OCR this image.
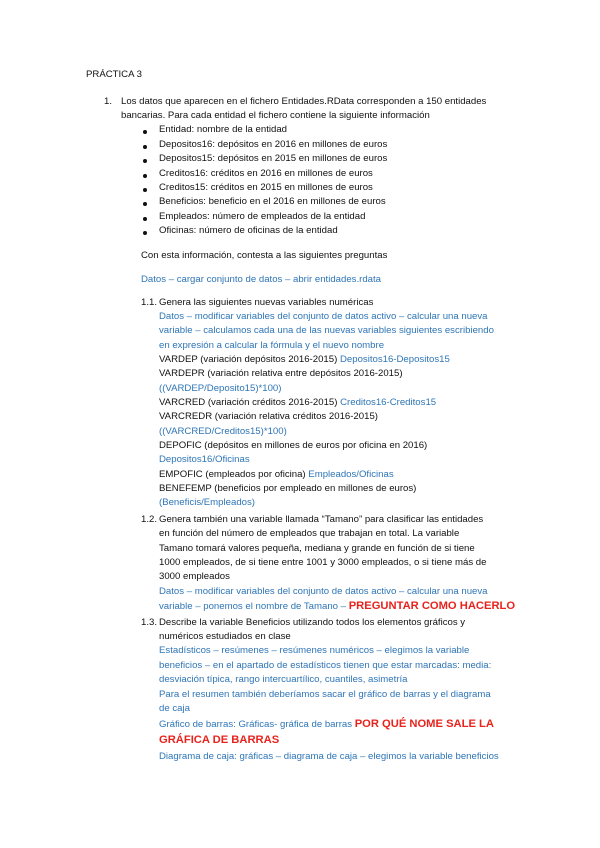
PRÁCTICA 3
1. Los datos que aparecen en el fichero Entidades.RData corresponden a 150 entidades
bancarias. Para cada entidad el fichero contiene la siguiente información
Entidad: nombre de la entidad
Depositos16: depósitos en 2016 en millones de euros
Depositos15: depósitos en 2015 en millones de euros
Creditos16: créditos en 2016 en millones de euros
Creditos15: créditos en 2015 en millones de euros
Beneficios: beneficio en el 2016 en millones de euros
Empleados: número de empleados de la entidad
Oficinas: número de oficinas de la entidad
Con esta información, contesta a las siguientes preguntas
Datos – cargar conjunto de datos – abrir entidades.rdata
1.1. Genera las siguientes nuevas variables numéricas
Datos – modificar variables del conjunto de datos activo – calcular una nueva
variable – calculamos cada una de las nuevas variables siguientes escribiendo
en expresión a calcular la fórmula y el nuevo nombre
VARDEP (variación depósitos 2016-2015) Depositos16-Depositos15
VARDEPR (variación relativa entre depósitos 2016-2015)
((VARDEP/Deposito15)*100)
VARCRED (variación créditos 2016-2015) Creditos16-Creditos15
VARCREDR (variación relativa créditos 2016-2015)
((VARCRED/Creditos15)*100)
DEPOFIC (depósitos en millones de euros por oficina en 2016)
Depositos16/Oficinas
EMPOFIC (empleados por oficina) Empleados/Oficinas
BENEFEMP (beneficios por empleado en millones de euros)
(Beneficis/Empleados)
1.2. Genera también una variable llamada “Tamano” para clasificar las entidades
en función del número de empleados que trabajan en total. La variable
Tamano tomará valores pequeña, mediana y grande en función de si tiene
1000 empleados, de si tiene entre 1001 y 3000 empleados, o si tiene más de
3000 empleados
Datos – modificar variables del conjunto de datos activo – calcular una nueva
variable – ponemos el nombre de Tamano – PREGUNTAR COMO HACERLO
1.3. Describe la variable Beneficios utilizando todos los elementos gráficos y
numéricos estudiados en clase
Estadísticos – resúmenes – resúmenes numéricos – elegimos la variable
beneficios – en el apartado de estadísticos tienen que estar marcadas: media:
desviación típica, rango intercuartílico, cuantiles, asimetría
Para el resumen también deberíamos sacar el gráfico de barras y el diagrama
de caja
Gráfico de barras: Gráficas- gráfica de barras POR QUÉ NOME SALE LA
GRÁFICA DE BARRAS
Diagrama de caja: gráficas – diagrama de caja – elegimos la variable beneficios
